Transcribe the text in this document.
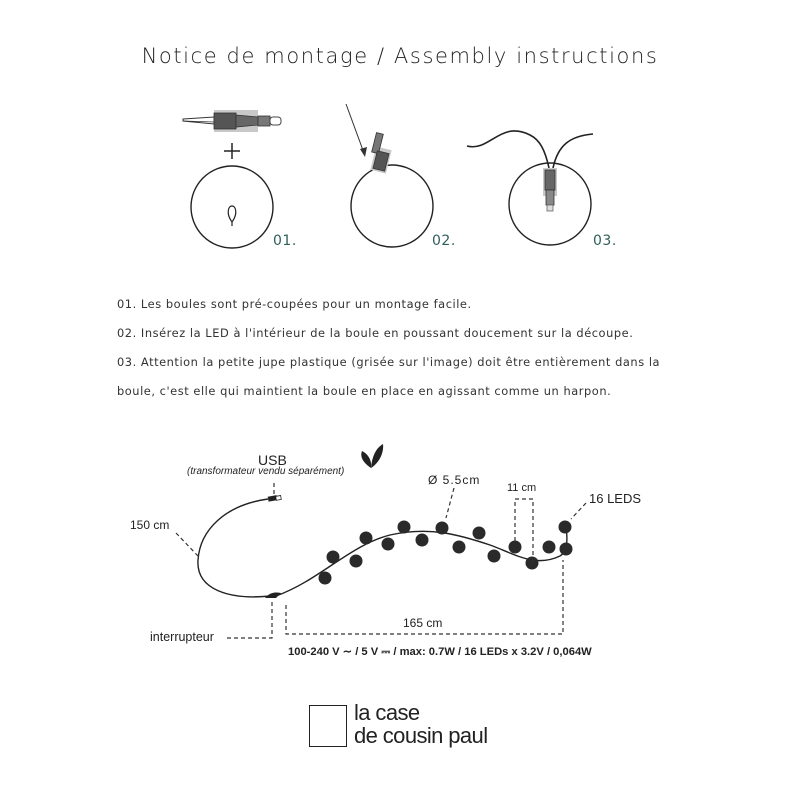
Notice de montage / Assembly instructions
01.	02.	03.

01. Les boules sont pré-coupées pour un montage facile.

02. Insérez la LED à l'intérieur de la boule en poussant doucement sur la découpe.

03. Attention la petite jupe plastique (grisée sur l'image) doit être entièrement dans la

boule, c'est elle qui maintient la boule en place en agissant comme un harpon.

USB
(transformateur vendu séparément)
150 cm
Ø 5.5cm
11 cm
16 LEDS
165 cm
interrupteur
100-240 V ∼ / 5 V ⎓ / max: 0.7W / 16 LEDs x 3.2V / 0,064W
la case
de cousin paul
